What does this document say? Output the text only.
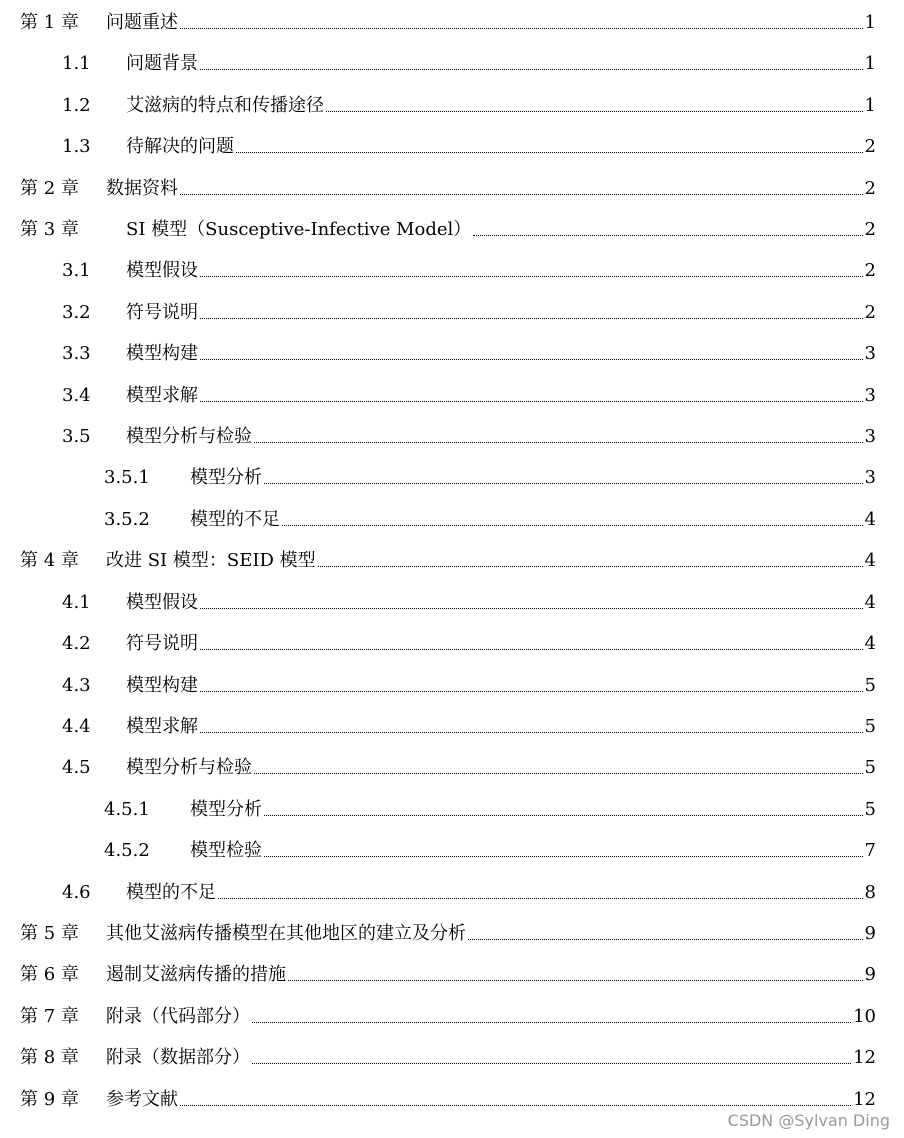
第 1 章	问题重述	1
1.1	问题背景	1
1.2	艾滋病的特点和传播途径	1
1.3	待解决的问题	2
第 2 章	数据资料	2
第 3 章	SI 模型（Susceptive-Infective Model）	2
3.1	模型假设	2
3.2	符号说明	2
3.3	模型构建	3
3.4	模型求解	3
3.5	模型分析与检验	3
3.5.1	模型分析	3
3.5.2	模型的不足	4
第 4 章	改进 SI 模型：SEID 模型	4
4.1	模型假设	4
4.2	符号说明	4
4.3	模型构建	5
4.4	模型求解	5
4.5	模型分析与检验	5
4.5.1	模型分析	5
4.5.2	模型检验	7
4.6	模型的不足	8
第 5 章	其他艾滋病传播模型在其他地区的建立及分析	9
第 6 章	遏制艾滋病传播的措施	9
第 7 章	附录（代码部分）	10
第 8 章	附录（数据部分）	12
第 9 章	参考文献	12
CSDN @Sylvan Ding
